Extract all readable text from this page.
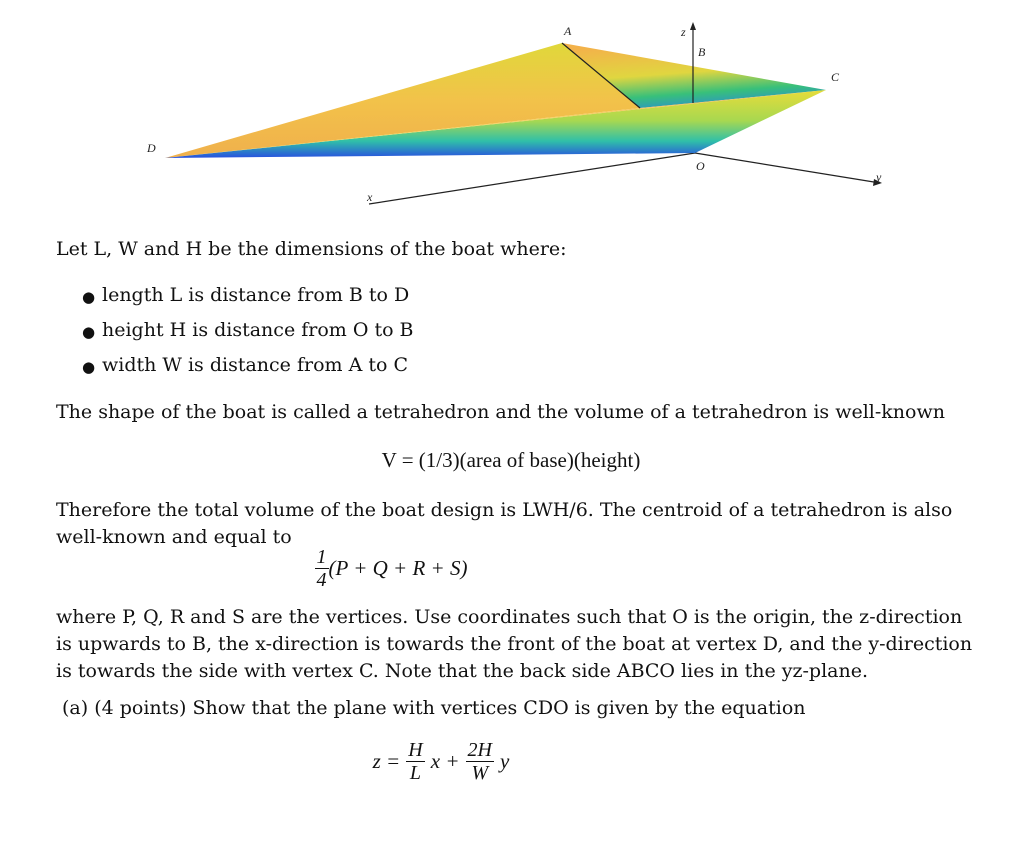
A
B
C
D
O
x
y
z
Let L, W and H be the dimensions of the boat where:
● length L is distance from B to D
● height H is distance from O to B
● width W is distance from A to C
The shape of the boat is called a tetrahedron and the volume of a tetrahedron is well-known
V = (1/3)(area of base)(height)
Therefore the total volume of the boat design is LWH/6. The centroid of a tetrahedron is also
well-known and equal to
$\frac{1}{4} (P + Q + R + S)$
where P, Q, R and S are the vertices. Use coordinates such that O is the origin, the z-direction
is upwards to B, the x-direction is towards the front of the boat at vertex D, and the y-direction
is towards the side with vertex C. Note that the back side ABCO lies in the yz-plane.
(a) (4 points) Show that the plane with vertices CDO is given by the equation
$z = \frac{H}{L}$ $x + \frac{2H}{W}$ y
